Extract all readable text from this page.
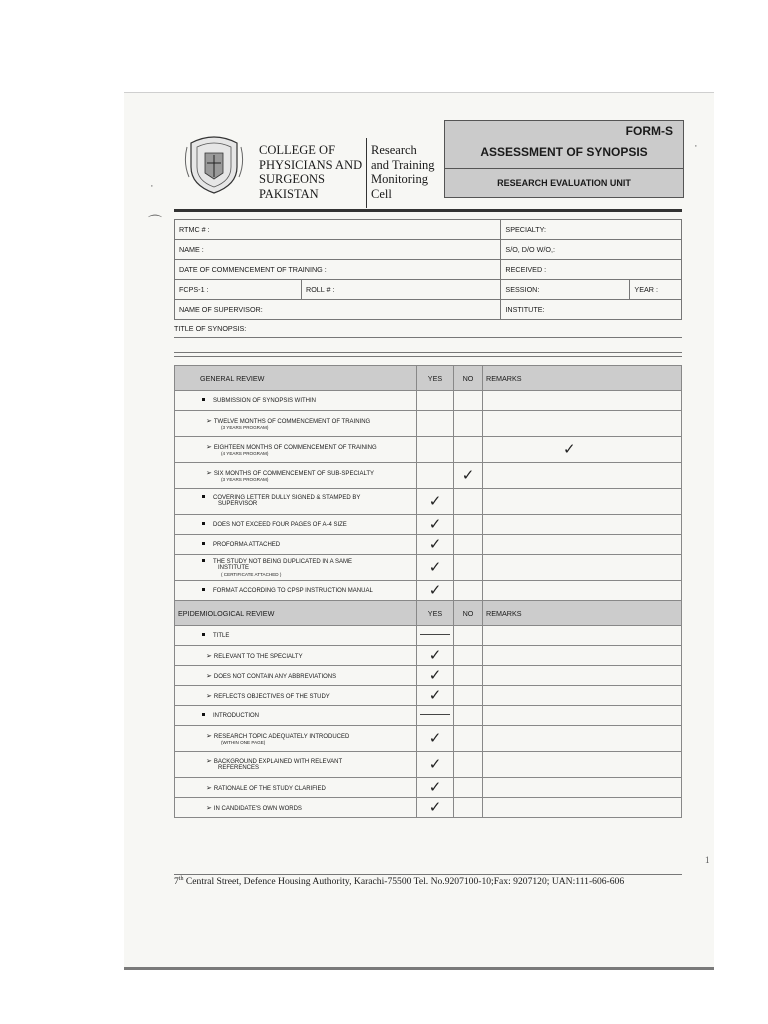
COLLEGE OF
PHYSICIANS AND
SURGEONS
PAKISTAN
Research
and Training
Monitoring
Cell
FORM-S
ASSESSMENT OF SYNOPSIS
RESEARCH EVALUATION UNIT
RTMC # :		SPECIALTY:	
NAME :		S/O, D/O W/O,:	
DATE OF COMMENCEMENT OF TRAINING :		RECEIVED :	
FCPS-1 :	ROLL # :	SESSION:	YEAR :
NAME OF SUPERVISOR:		INSTITUTE:	
TITLE OF SYNOPSIS:
GENERAL REVIEW	YES	NO	REMARKS
SUBMISSION OF SYNOPSIS WITHIN			
➢ TWELVE MONTHS OF COMMENCEMENT OF TRAINING
(3 YEARS PROGRAM)			

➢ EIGHTEEN MONTHS OF COMMENCEMENT OF TRAINING
(4 YEARS PROGRAM)			✓
➢ SIX MONTHS OF COMMENCEMENT OF SUB-SPECIALTY
(3 YEARS PROGRAM)		✓	
COVERING LETTER DULLY SIGNED & STAMPED BY
SUPERVISOR	✓		
DOES NOT EXCEED FOUR PAGES OF A-4 SIZE	✓		
PROFORMA ATTACHED	✓		
THE STUDY NOT BEING DUPLICATED IN A SAME
INSTITUTE
( CERTIFICATE ATTACHED )	✓		
FORMAT ACCORDING TO CPSP INSTRUCTION MANUAL	✓		
EPIDEMIOLOGICAL REVIEW	YES	NO	REMARKS
TITLE			
➢ RELEVANT TO THE SPECIALTY	✓		
➢ DOES NOT CONTAIN ANY ABBREVIATIONS	✓		
➢ REFLECTS OBJECTIVES OF THE STUDY	✓		
INTRODUCTION			
➢ RESEARCH TOPIC ADEQUATELY INTRODUCED
(WITHIN ONE PAGE)	✓		
➢ BACKGROUND EXPLAINED WITH RELEVANT
REFERENCES	✓		
➢ RATIONALE OF THE STUDY CLARIFIED	✓		
➢ IN CANDIDATE'S OWN WORDS	✓		
7th Central Street, Defence Housing Authority, Karachi-75500 Tel. No.9207100-10;Fax: 9207120; UAN:111-606-606
1
·
⌒
·
